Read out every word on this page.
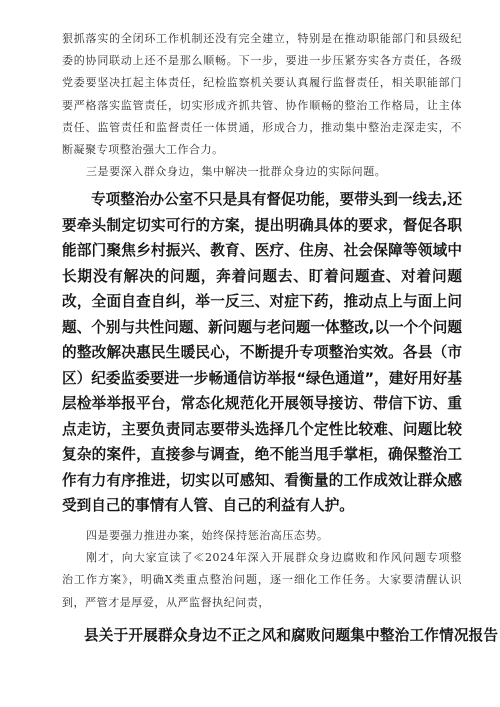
狠抓落实的全闭环工作机制还没有完全建立，特别是在推动职能部门和县级纪委的协同联动上还不是那么顺畅。下一步，要进一步压紧夯实各方责任，各级党委要坚决扛起主体责任，纪检监察机关要认真履行监督责任，相关职能部门要严格落实监管责任，切实形成齐抓共管、协作顺畅的整治工作格局，让主体责任、监管责任和监督责任一体贯通，形成合力，推动集中整治走深走实，不断凝聚专项整治强大工作合力。

三是要深入群众身边，集中解决一批群众身边的实际问题。

专项整治办公室不只是具有督促功能，要带头到一线去,还要牵头制定切实可行的方案，提出明确具体的要求，督促各职能部门聚焦乡村振兴、教育、医疗、住房、社会保障等领域中长期没有解决的问题，奔着问题去、盯着问题查、对着问题改，全面自查自纠，举一反三、对症下药，推动点上与面上问题、个别与共性问题、新问题与老问题一体整改,以一个个问题的整改解决惠民生暖民心，不断提升专项整治实效。各县（市区）纪委监委要进一步畅通信访举报“绿色通道”，建好用好基层检举举报平台，常态化规范化开展领导接访、带信下访、重点走访，主要负责同志要带头选择几个定性比较难、问题比较复杂的案件，直接参与调查，绝不能当甩手掌柜，确保整治工作有力有序推进，切实以可感知、看衡量的工作成效让群众感受到自己的事情有人管、自己的利益有人护。

四是要强力推进办案，始终保持惩治高压态势。

刚才，向大家宣读了≪2024年深入开展群众身边腐败和作风问题专项整治工作方案》，明确X类重点整治问题，逐一细化工作任务。大家要清醒认识到，严管才是厚爱，从严监督执纪问责，

县关于开展群众身边不正之风和腐败问题集中整治工作情况报告
